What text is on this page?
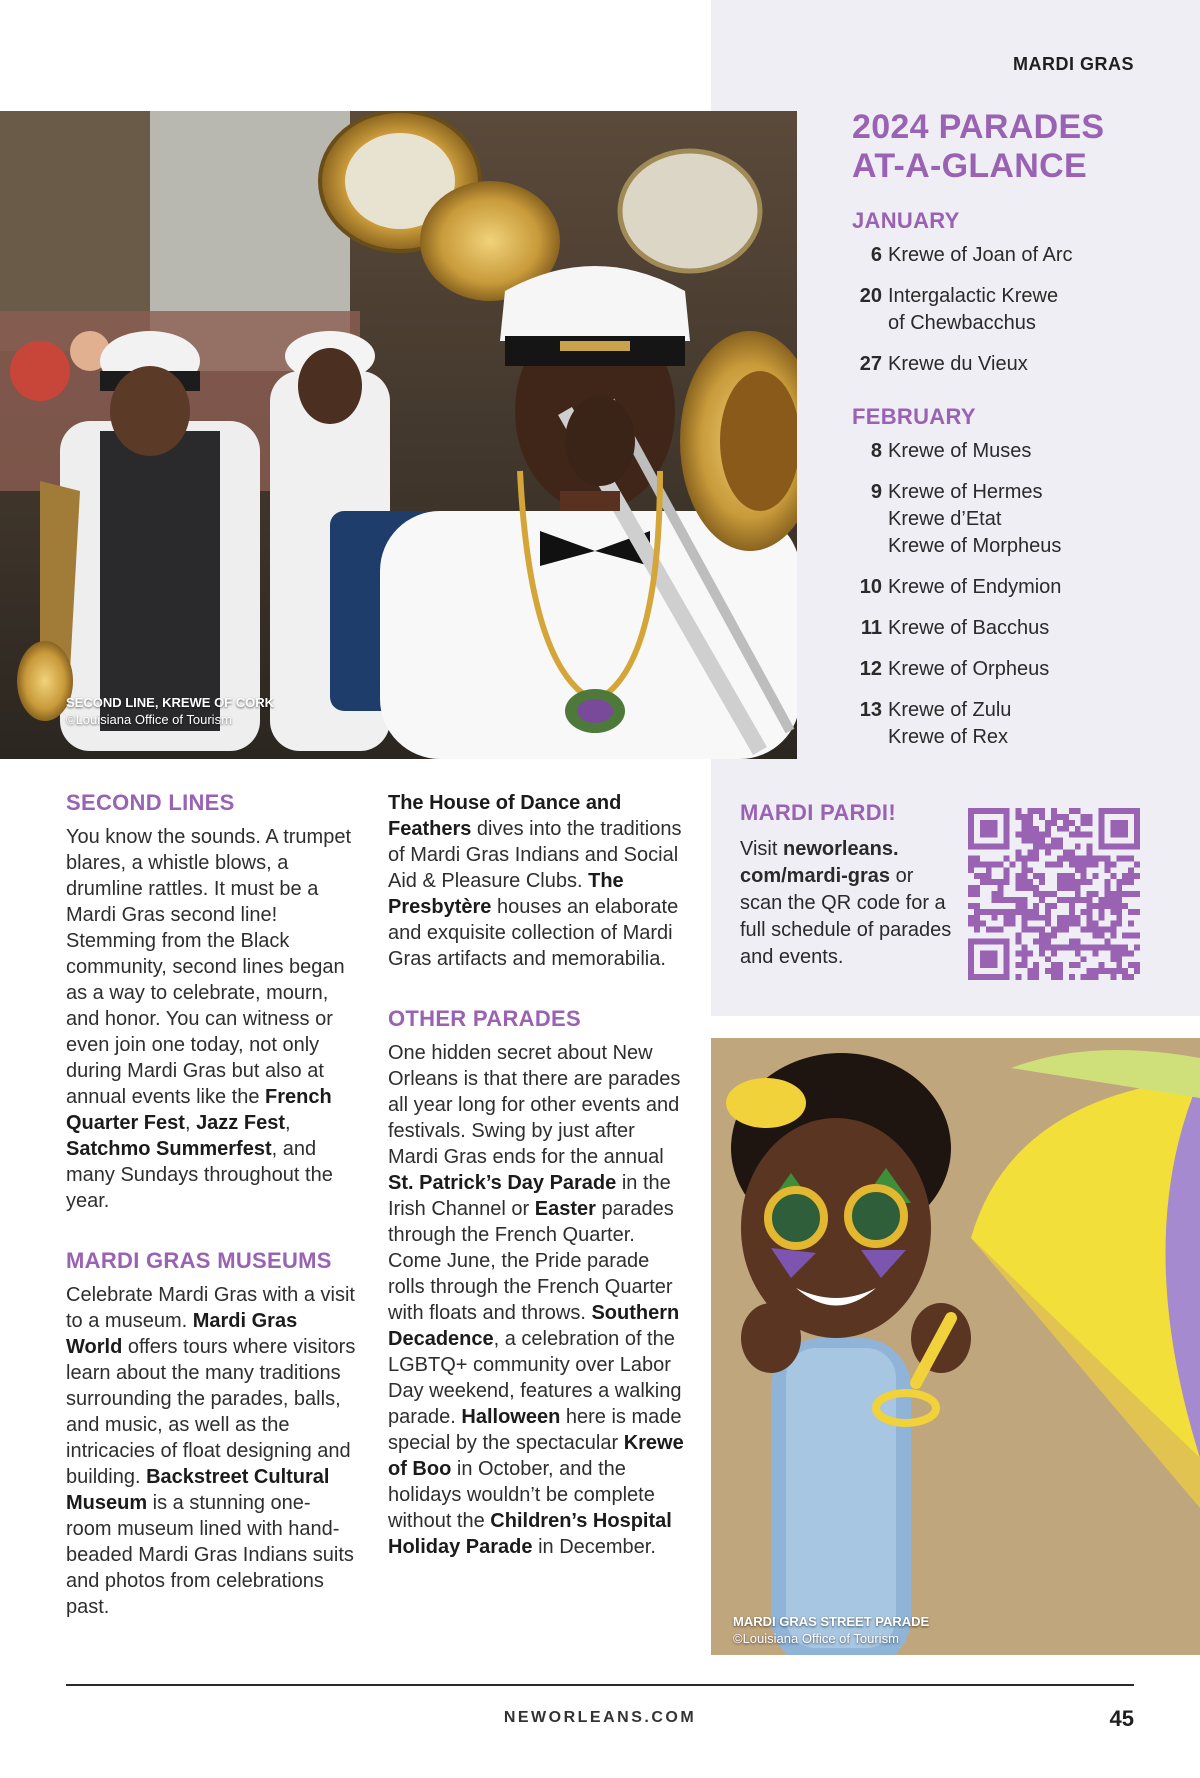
MARDI GRAS
SECOND LINE, KREWE OF CORK
©Louisiana Office of Tourism
2024 PARADES
AT-A-GLANCE
JANUARY
6 Krewe of Joan of Arc
20 Intergalactic Krewe
of Chewbacchus
27 Krewe du Vieux
FEBRUARY
8 Krewe of Muses
9 Krewe of Hermes
Krewe d’Etat
Krewe of Morpheus
10 Krewe of Endymion
11 Krewe of Bacchus
12 Krewe of Orpheus
13 Krewe of Zulu
Krewe of Rex
MARDI PARDI!

Visit neworleans. com/mardi-gras or scan the QR code for a full schedule of parades and events.

MARDI GRAS STREET PARADE
©Louisiana Office of Tourism
SECOND LINES

You know the sounds. A trumpet blares, a whistle blows, a drumline rattles. It must be a Mardi Gras second line! Stemming from the Black community, second lines began as a way to celebrate, mourn, and honor. You can witness or even join one today, not only during Mardi Gras but also at annual events like the French Quarter Fest, Jazz Fest, Satchmo Summerfest, and many Sundays throughout the year.

MARDI GRAS MUSEUMS

Celebrate Mardi Gras with a visit to a museum. Mardi Gras World offers tours where visitors learn about the many traditions surrounding the parades, balls, and music, as well as the intricacies of float designing and building. Backstreet Cultural Museum is a stunning one-room museum lined with hand-beaded Mardi Gras Indians suits and photos from celebrations past.

The House of Dance and Feathers dives into the traditions of Mardi Gras Indians and Social Aid & Pleasure Clubs. The Presbytère houses an elaborate and exquisite collection of Mardi Gras artifacts and memorabilia.

OTHER PARADES

One hidden secret about New Orleans is that there are parades all year long for other events and festivals. Swing by just after Mardi Gras ends for the annual St. Patrick’s Day Parade in the Irish Channel or Easter parades through the French Quarter. Come June, the Pride parade rolls through the French Quarter with floats and throws. Southern Decadence, a celebration of the LGBTQ+ community over Labor Day weekend, features a walking parade. Halloween here is made special by the spectacular Krewe of Boo in October, and the holidays wouldn’t be complete without the Children’s Hospital Holiday Parade in December.

NEWORLEANS.COM	45
